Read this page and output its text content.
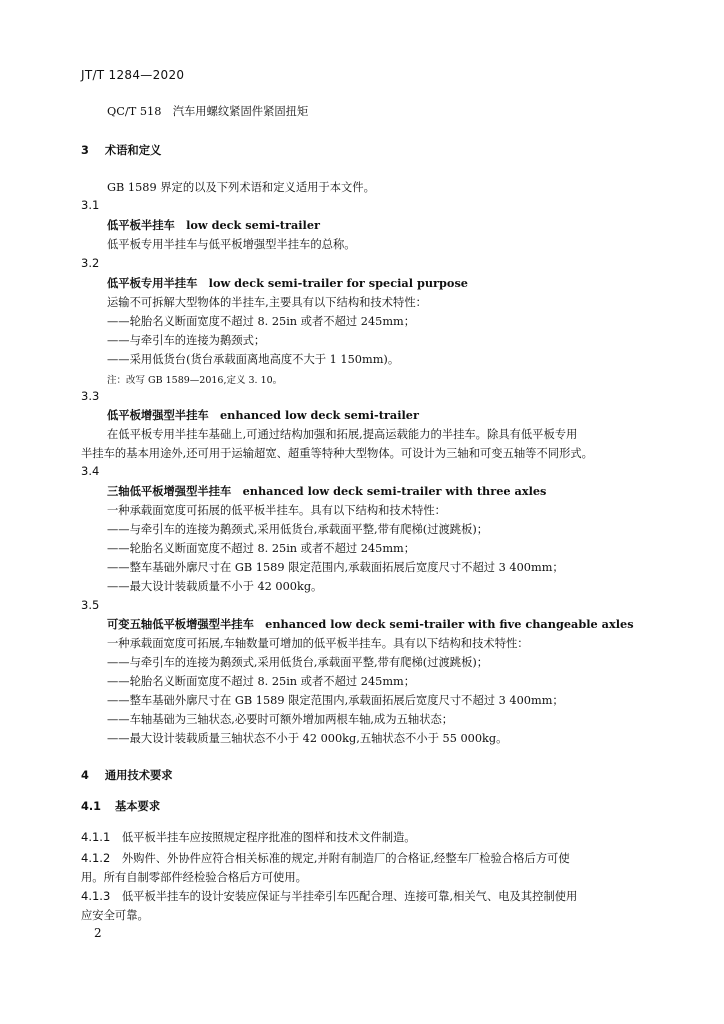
JT/T 1284—2020
QC/T 518　汽车用螺纹紧固件紧固扭矩
3 术语和定义
GB 1589 界定的以及下列术语和定义适用于本文件。
3.1
低平板半挂车　low deck semi-trailer
低平板专用半挂车与低平板增强型半挂车的总称。
3.2
低平板专用半挂车　low deck semi-trailer for special purpose
运输不可拆解大型物体的半挂车,主要具有以下结构和技术特性：
——轮胎名义断面宽度不超过 8. 25in 或者不超过 245mm；
——与牵引车的连接为鹅颈式；
——采用低货台(货台承载面离地高度不大于 1 150mm)。
注：改写 GB 1589—2016,定义 3. 10。
3.3
低平板增强型半挂车　enhanced low deck semi-trailer
在低平板专用半挂车基础上,可通过结构加强和拓展,提高运载能力的半挂车。除具有低平板专用
半挂车的基本用途外,还可用于运输超宽、超重等特种大型物体。可设计为三轴和可变五轴等不同形式。
3.4
三轴低平板增强型半挂车　enhanced low deck semi-trailer with three axles
一种承载面宽度可拓展的低平板半挂车。具有以下结构和技术特性：
——与牵引车的连接为鹅颈式,采用低货台,承载面平整,带有爬梯(过渡跳板)；
——轮胎名义断面宽度不超过 8. 25in 或者不超过 245mm；
——整车基础外廓尺寸在 GB 1589 限定范围内,承载面拓展后宽度尺寸不超过 3 400mm；
——最大设计装载质量不小于 42 000kg。
3.5
可变五轴低平板增强型半挂车　enhanced low deck semi-trailer with five changeable axles
一种承载面宽度可拓展,车轴数量可增加的低平板半挂车。具有以下结构和技术特性：
——与牵引车的连接为鹅颈式,采用低货台,承载面平整,带有爬梯(过渡跳板)；
——轮胎名义断面宽度不超过 8. 25in 或者不超过 245mm；
——整车基础外廓尺寸在 GB 1589 限定范围内,承载面拓展后宽度尺寸不超过 3 400mm；
——车轴基础为三轴状态,必要时可额外增加两根车轴,成为五轴状态；
——最大设计装载质量三轴状态不小于 42 000kg,五轴状态不小于 55 000kg。
4 通用技术要求
4.1 基本要求
4.1.1 低平板半挂车应按照规定程序批准的图样和技术文件制造。
4.1.2 外购件、外协件应符合相关标准的规定,并附有制造厂的合格证,经整车厂检验合格后方可使
用。所有自制零部件经检验合格后方可使用。
4.1.3 低平板半挂车的设计安装应保证与半挂牵引车匹配合理、连接可靠,相关气、电及其控制使用
应安全可靠。
2
